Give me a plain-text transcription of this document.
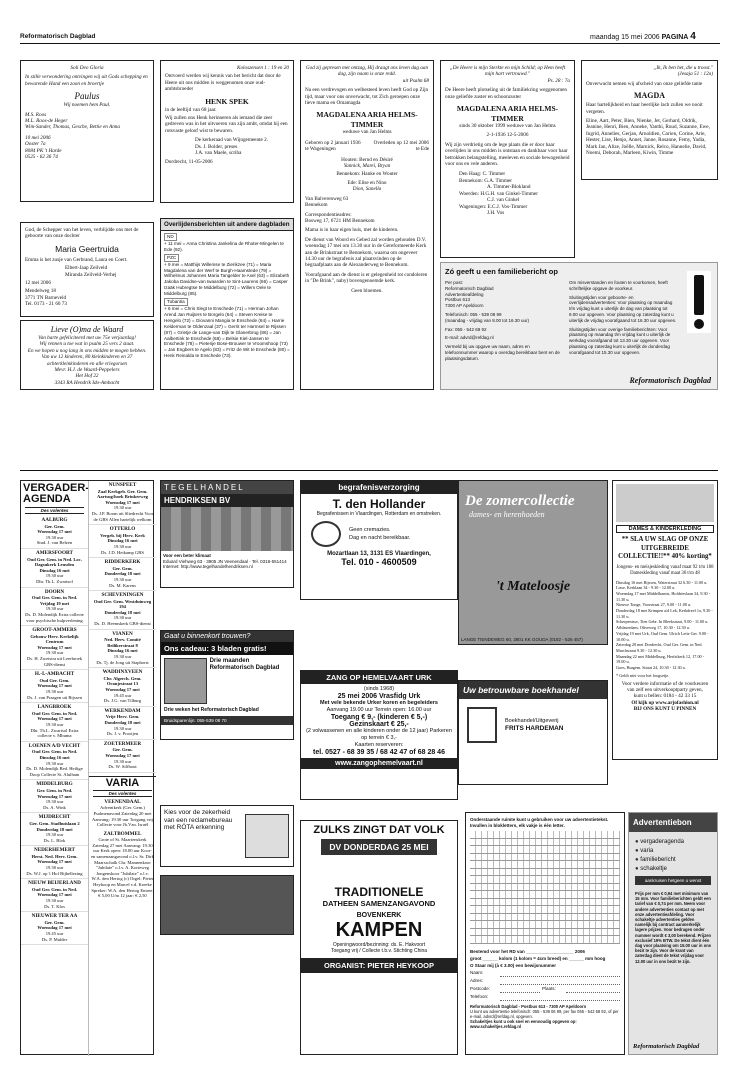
Reformatorisch Dagblad	maandag 15 mei 2006 PAGINA 4
Soli Deo Gloria
In stille verwondering ontvingen wij uit Gods schepping en bewarende Hand een zoon en broertje
Paulus
Wij noemen hem Paul.
M.S. Roos
M.L. Roos-de Heger
Wim-Sander, Thomas, Gesche, Bettie en Anna
10 mei 2006
Ooster 7a
8084 PK 't Harde
0525 - 62 36 74
God, de Schepper van het leven, verblijdde ons met de geboorte van onze dochter
Maria Geertruida
Emma is het zusje van Gerbrand, Laura en Coert.
Elbert-Jaap Zeilveld
Miranda Zeilveld-Verhej
12 mei 2006
Mendelweg 18
3771 TN Barneveld
Tel. 0173 - 21 60 73
Lieve (O)ma de Waard
Van harte gefeliciteerd met uw 75e verjaardag!
Wij rennen u toe wat in psalm 25 vers 2 staat.
En we hopen u nog lang in ons midden te mogen hebben.
Van uw 12 kinderen, 80 kleinkinderen en 37 achterkleinkinderen en alle vriegorsen
Mevr. H.J. de Waard-Peppelers
Het Hof 22
3343 RA Hendrik Ido-Ambacht
Koloszensen 1 : 19 en 20
Ontvoerd werden wij kennis van het bericht dat door de Heere uit ons midden is weggenomen onze oud-ambtsbroeder
HENK SPEK
in de leeftijd van 68 jaar.
Wij zullen ons Henk herinneren als iemand die zeer gedreven was in het uitvoeren van zijn ambt, omdat hij een rotsvaste geloof wist te bewaren.
De kerkeraad van Wijngemeente 2.
Ds. J. Bolder, preses
J.A. van Maele, scriba
Dordrecht, 11-05-2006
Overlijdensberichten uit andere dagbladen
ND
+ 11 mei = Anna Christina Jankelina de Rhoter-Mingelen te Ede (92).
PZC
+ 9 mei = Matthijs Willemse te Zierikzee (71) = Maria Magdalena van der Werf te Burgh-Haamstede (79) = Wilhelmus Johannes Maria Tangelder te Axel (63) = Elizabeth Jakoba Davidse-van Iwaarden te Sint-Laurens (66) = Casper Izaäk Hubregtse te Middelburg (72) = Willem Oele te Middelburg (85).
Tubantia
+ 6 mei = Chris Slegt te Enschede (71) = Herman Johan Arend Jan Ruijters te Borgelo (64) = Steven Kreise te Hengelo (72) = Giovanni Mangia te Enschede (64) = Harrie Kelderman te Oldenzaal (37) = Gerrit ter Harmsel te Rijssen (87) = Grietje de Lange-van Dijk te Glanerbrug (86) = Jan Aalbertink te Enschede (68) = Belsie Kiel-Jansen te Enschede (78) = Pieterije Bose-Brouwer te Vroomshoop (73) = Jan Engbers te Agelo (83) = Fritz de Wit te Enschede (80) = Henk Reinalda te Enschede (73).
God zij gepresen met ontzag, Hij draagt ons leven dag aan dag, zijn naam is onze redd.
uit Psalm 68
Na een verdrevogen en welbesteed leven heeft God op Zijn tijd, maar voor ons onverwacht, tot Zich geroepen onze lieve mama en Omamagda
MAGDALENA ARIA HELMS-TIMMER
weduwe van Jan Helms
Geboren op 2 januari 1936 te Wageningen
Overleden op 12 mei 2006 te Ede
Houten: Bernd en Désiré
Yannick, Marei, Bryan
Bennekom: Hanke en Wouter
Ede: Elise en Nino
Dion, Sanella
Van Balverenweg 63
Bennekom
Correspondentieadres:
Bosweg 17, 6721 HM Bennekom
Mama is in haar eigen huis, met de kinderen.
De dienst van Woord en Gebed zal worden gehouden D.V. woensdag 17 mei om 13.30 uur in de Gereformeerde Kerk aan de Brinkstraat te Bennekom, waarna om ongeveer 14.30 uur de begrafenis zal plaatsvinden op de begraafplaats aan de Alexanderweg te Bennekom.
Voorafgaand aan de dienst is er gelegenheid tot condoleren in "De Brink", naby) bovengenoemde kerk.
Geen bloemen.
„De Heere is mijn Sterkte en mijn Schild; op Hem heeft mijn hart vertrouwd."
Ps. 28 : 7a
De Heere heeft plotseling uit de familiekring weggenomen onze geliefde zuster en schoonzuster
MAGDALENA ARIA HELMS-TIMMER
sinds 30 oktober 1999 weduwe van Jan Helms
2-1-1936 12-5-2006
Wij zijn verdrietig om de lege plaats die er door haar overlijden in ons midden is ontstaan en dankbaar voor haar betrokken belangstelling, meeleven en sociale bewogenheid voor ons en vele anderen.
Den Haag: C. Timmer
Bennekom: G.A. Timmer
A. Timmer-Blokland
Woerden: H.G.H. van Ginkel-Timmer
C.J. van Ginkel
Wageningen: E.C.J. Vos-Timmer
J.H. Vos
„Ik, Ik ben het, die u troost."
(Jesaja 51 : 12a)
Onverwacht nemen wij afscheid van onze geliefde tante
MAGDA
Haar hartelijkheid en haar heerlijke lach zullen we nooit vergeten.
Eline, Aart, Peter, Bien, Nienke, Jet, Gerhard, Oldrik, Jeanine, Henri, Bien, Anneke, Yanthi, Ruud, Suzanne, Ewe, Ingrid, Annelies, Gerjan, Arnoldien, Corien, Corine, Arie, Hester, Lise, Henjo, Annet, Janne, Rosanne, Femy, Yadia, Mark Jan, Alize, Joëlle, Marnick, Relco, Hannelie, David, Noemi, Deborah, Marleen, Kiwin, Timme
Zó geeft u een familiebericht op
Per post:
Reformatorisch Dagblad
Advertentieafdeling
Postbus 613
7300 AP Apeldoorn
Telefonisch: 055 - 539 08 99
(maandag - vrijdag van 8.00 tot 16.30 uur)
Fax: 055 - 542 68 92
E-mail: advrd@refdag.nl
Vermeld bij uw opgave uw naam, adres en telefoonnummer waarop u overdag bereikbaar bent en de plaatsingsdatum.
Om misverstanden en fouten te voorkomen, heeft schriftelijke opgave de voorkeur.
Sluitingstijden voor geboorte- en overlijdensadvertenties: Voor plaatsing op maandag t/m vrijdag kunt u uiterlijk de dag van plaatsing tot 9.00 uur opgeven. Voor plaatsing op zaterdag kunt u uiterlijk de vrijdag voorafgaand tot 16.30 uur opgeven.
Sluitingstijden voor overige familieberichten: Voor plaatsing op maandag t/m vrijdag kunt u uiterlijk de werkdag voorafgaand tot 13.30 uur opgeven. Voor plaatsing op zaterdag kunt u uiterlijk de donderdag voorafgaand tot 15.30 uur opgeven.
Reformatorisch Dagblad
VERGADER-
AGENDA
Des volentes
AALBURG
Ger. Gem.
Woensdag 17 mei
19.30 uur
Stud. J. van Belzen
AMERSFOORT
Oud Ger. Gem. in Ned. Loc. Dagsukerk Leusden
Dinsdag 16 mei
19.30 uur
Dhr. Th.L. Zwartsol
DOORN
Oud Ger. Gem. in Ned.
Vrijdag 19 mei
19.30 uur
Ds. D. Molendijk Extra collecte voor psychische hulpverlening
GROOT-AMMERS
Gebouw Herv. Kerkelijk Centrum
Woensdag 17 mei
19.30 uur
Ds. H. Zweistra uit Leerbroek GBS-dienst
H.-I.-AMBACHT
Oud Ger. Gem.
Woensdag 17 mei
19.30 uur
Ds. J. van Praagen uit Rijssen
LANGBROEK
Oud Ger. Gem. in Ned.
Woensdag 17 mei
19.30 uur
Dhr. Th.L. Zwartsol Extra collecte v. Mbuma
LOENEN A/D VECHT
Oud Ger. Gem. in Ned.
Dinsdag 16 mei
19.30 uur
Ds. D. Molendijk Bed. Heilige Doop Collecte St. Alulham
MIDDELBURG
Ger. Gem. in Ned.
Woensdag 17 mei
19.30 uur
Ds. A. Wink
MIJDRECHT
Ger. Gem. Stadhuislaan 2
Donderdag 18 mei
19.30 uur
Ds. L. Blok
NEDERHEMERT
Herst. Ned. Herv. Gem.
Woensdag 17 mei
19.30 uur
Ds. W.J. op 't Hof Bijbellezing
NIEUW BEIJERLAND
Oud Ger. Gem. in Ned.
Woensdag 17 mei
19.30 uur
Ds. T. Klos
NIEUWER TER AA
Ger. Gem.
Woensdag 17 mei
19.45 uur
Ds. P. Mulder
NUNSPEET
Zaal Kerkgeb. Ger. Gem. Aartsug/hoek Brinkerweg
Woensdag 17 mei
19.30 uur
Ds. J.P. Boom uit Sliedrecht Voor de GBS Allen hartelijk welkom
OTTERLO
Vergeb. bij Herv. Kerk
Dinsdag 16 mei
19.30 uur
Ds. J.D. Heikamp GBS
RIDDERKERK
Ger. Gem.
Donderdag 18 mei
19.30 uur
Ds. M. Karens
SCHEVENINGEN
Oud Ger. Gem. Westduinweg 194
Donderdag 18 mei
19.30 uur
Ds. D. Heemskerk GBS-dienst
VIANEN
Ned. Herv. Comité Beilikerstraat 8
Dinsdag 16 mei
19.30 uur
Ds. Tj. de Jong uit Staphorst
WADDINXVEEN
Chr. Algerch. Gem. Oranjestraat 13
Woensdag 17 mei
19.45 uur
Ds. J.G. van Tilburg
WERKENDAM
Vrije Herv. Gem.
Donderdag 18 mei
19.30 uur
Ds. J. v. Prooijen
ZOETERMEER
Ger. Gem.
Woensdag 17 mei
19.30 uur
Ds. W. Silfhout
VARIA
Des volentes
VEENENDAAL
Adventkerk (Ger. Gem.) Psalmenavond Zaterdag 20 mei Aanvang: 19.30 uur Toegang vrij Collecte voor Jb.Vzn. Israël
ZALTBOMMEL
Grote of St. Maartenskerk Zaterdag 27 mei Aanvang: 19.30 uur Kerk open: 18.00 uur Koor- en samenzangavond o.l.v. Sr. Dirk Maarsschalk Chr. Mannenkoor "Jubilate" o.l.v. A. Korteweg Jongenskoor "Jubilate" o.l.v. W.A. den Hertog (c) Orgel: Pieter Heykoop en Marcel v.d. Kreeke Spreker: W.A. den Hertog Entree: € 5,00 U/m 12 jaar: € 2,50
TEGELHANDEL
HENDRIKSEN BV
Voor een beter klimaat
Eduard Viehweg 63 · 3905 JN Veenendaal · Tel. 0318-551414
Internet: http://www.tegelhandelhendriksen.nl
Gaat u binnenkort trouwen?
Ons cadeau: 3 bladen gratis!
Drie maanden Reformatorisch Dagblad
Drie weken het Reformatorisch Dagblad
Bruidsparenlijn: 055-539 08 70
Kies voor de zekerheid van een reclamebureau met RÓTA erkenning
begrafenisverzorging
T. den Hollander
Begrafenissen in Vlaardingen, Rotterdam en omstreken.
Geen cremazies.
Dag en nacht bereikbaar.
Mozartlaan 13, 3131 ES Vlaardingen,
Tel. 010 - 4600509
ZANG OP HEMELVAART URK
(sinds 1968)
25 mei 2006 Vrasfidg Urk
Met vele bekende Urker koren en begeleiders
Aanvang 19.00 uur Terrein open: 16.00 uur
Toegang € 9,- (kinderen € 5,-)
Gezinskaart € 25,-
(2 volwassenen en alle kinderen onder de 12 jaar) Parkeren op terrein € 3,-
Kaarten reserveren:
tel. 0527 - 68 39 35 / 68 42 47 of 68 28 46
www.zangophemelvaart.nl
ZULKS ZINGT DAT VOLK
DV DONDERDAG 25 MEI
TRADITIONELE
DATHEEN SAMENZANGAVOND
BOVENKERK
KAMPEN
Openingwoord/bezinning: ds. E. Hakvoort
Toegang vrij / Collecte t.b.v. Stichting China
ORGANIST: PIETER HEYKOOP
De zomercollectie
dames- en herenhoeden
't Mateloosje
LANGE TIENDEWEG 60, 2801 KK GOUDA (0182 - 526 457)
Uw betrouwbare boekhandel
Boekhandel/Uitgeverij
FRITS HARDEMAN
DAMES & KINDERKLEDING
** SLA UW SLAG OP ONZE UITGEBREIDE COLLECTIE!!** 40% korting*
Jongens- en meisjeskleding vanaf maat 92 t/m 188 Dameskleding vanaf maat 36 t/m 48
Dinsdag 16 mei Rijssen, Waterstraat 32 6.30 - 11.00 u.
Lisse, Kerklaan 34 - 9.30 - 12.00 u.
Woensdag 17 mei Middelharnis, Hofdrieslaan 34, 9.30 - 11.30 u.
Nieuwe Tonge, Voorstraat 27, 9.00 - 11.00 u.
Donderdag 18 mei Krimpen a/d Lek, Kerkdreef 1a, 9.30 - 11.30 u.
Scherpenisse, Tien Gebr. In Bleekstraat, 9.00 - 11.00 u.
Afblaserdam, Oliveweg 17, 10.30 - 12.30 u.
Vrijdag 19 mei Urk, Oud Gem. Ulrich Leite Ger. 9.00 - 10.00 u.
Zaterdag 20 mei Dordrecht, Oud Ger. Gem. in Ned. Marchstraat 9.30 - 12.30 u.
Maandag 22 mei Middelburg, Herfstkerk 12, 17.00 - 19.00 u.
Goes, Burgem. Straat 24, 10.30 - 12.30 u.
* Geldt niet voor het loogsetje.
Voor verdere informatie of de voorkeuren
van zelf een uitverkooptparty geven,
kunt u bellen: 0184 - 42 33 15
Of kijk op www.arjofashion.nl
BIJ ONS KUNT U PINNEN
Onderstaande ruimte kunt u gebruiken voor uw advertentietekst. Invullen in blokletters, elk vakje is één letter.
Bestemd voor het RD van ___________________ 2006
groot ______ kolom (1 kolom = 4cm breed) en ______ mm hoog
O Staar mij (à € 3.00) een bewijsnummer
Naam:
Adres:
Postcode:	Plaats:
Telefoon:
Reformatorisch Dagblad - Postbus 613 - 7300 AP Apeldoorn
U kunt uw advertentie telefonisch: 055 - 539 06 99, per fax 055 - 542 68 92, of per e-mail, advrd@refdag.nl, opgeven.
Schakeltjes kunt u ook snel en eenvoudig opgeven op: www.schakeltjes.refdag.nl
Advertentiebon
● vergaderagenda
● varia
● familiebericht
● schakeltje
aankruisen hetgeen u wenst
Prijs per mm € 0,94 met minimum van 15 mm. Voor familieberichten geldt een tarief van € 0,74 per mm. Neem voor andere advertenties contact op met onze advertentieafdeling. Voor schakeltje advertenties gelden namelijk bij contract aanmerkelijk lagere prijzen. Voor bedragen onder nummer wordt € 3,00 berekend. Prijzen exclusief 19% BTW. De tekst dient één dag voor plaatsing om 15.00 uur in ons bezit te zijn. Voor de krant van zaterdag dient de tekst vrijdag voor 12.00 uur in ons bezit te zijn.
Reformatorisch Dagblad
